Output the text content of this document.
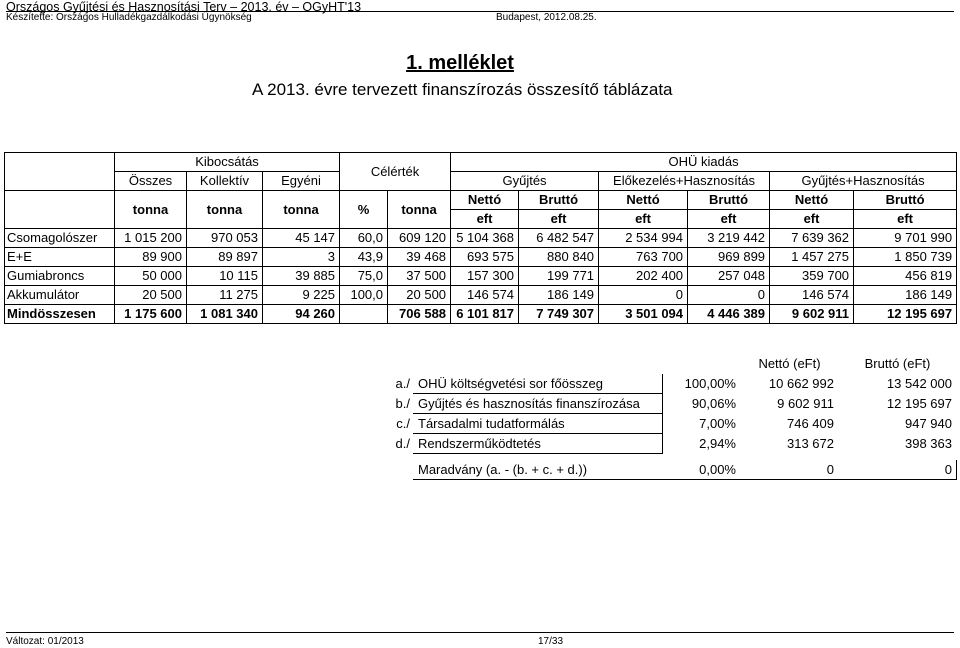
Országos Gyűjtési és Hasznosítási Terv – 2013. év – OGyHT'13
Készítette: Országos Hulladékgazdálkodási Ügynökség	Budapest, 2012.08.25.
1. melléklet
A 2013. évre tervezett finanszírozás összesítő táblázata
	Kibocsátás			Célérték		OHÜ kiadás					
	Összes	Kollektív	Egyéni			Gyűjtés		Előkezelés+Hasznosítás		Gyűjtés+Hasznosítás	
	tonna	tonna	tonna	%	tonna	Nettó	Bruttó	Nettó	Bruttó	Nettó	Bruttó
						eft	eft	eft	eft	eft	eft
Csomagolószer	1 015 200	970 053	45 147	60,0	609 120	5 104 368	6 482 547	2 534 994	3 219 442	7 639 362	9 701 990
E+E	89 900	89 897	3	43,9	39 468	693 575	880 840	763 700	969 899	1 457 275	1 850 739
Gumiabroncs	50 000	10 115	39 885	75,0	37 500	157 300	199 771	202 400	257 048	359 700	456 819
Akkumulátor	20 500	11 275	9 225	100,0	20 500	146 574	186 149	0	0	146 574	186 149
Mindösszesen	1 175 600	1 081 340	94 260		706 588	6 101 817	7 749 307	3 501 094	4 446 389	9 602 911	12 195 697
			Nettó (eFt)	Bruttó (eFt)
a./	OHÜ költségvetési sor főösszeg	100,00%	10 662 992	13 542 000
b./	Gyűjtés és hasznosítás finanszírozása	90,06%	9 602 911	12 195 697
c./	Társadalmi tudatformálás	7,00%	746 409	947 940
d./	Rendszerműködtetés	2,94%	313 672	398 363

	Maradvány (a. - (b. + c. + d.))	0,00%	0	0
Változat: 01/2013	17/33
